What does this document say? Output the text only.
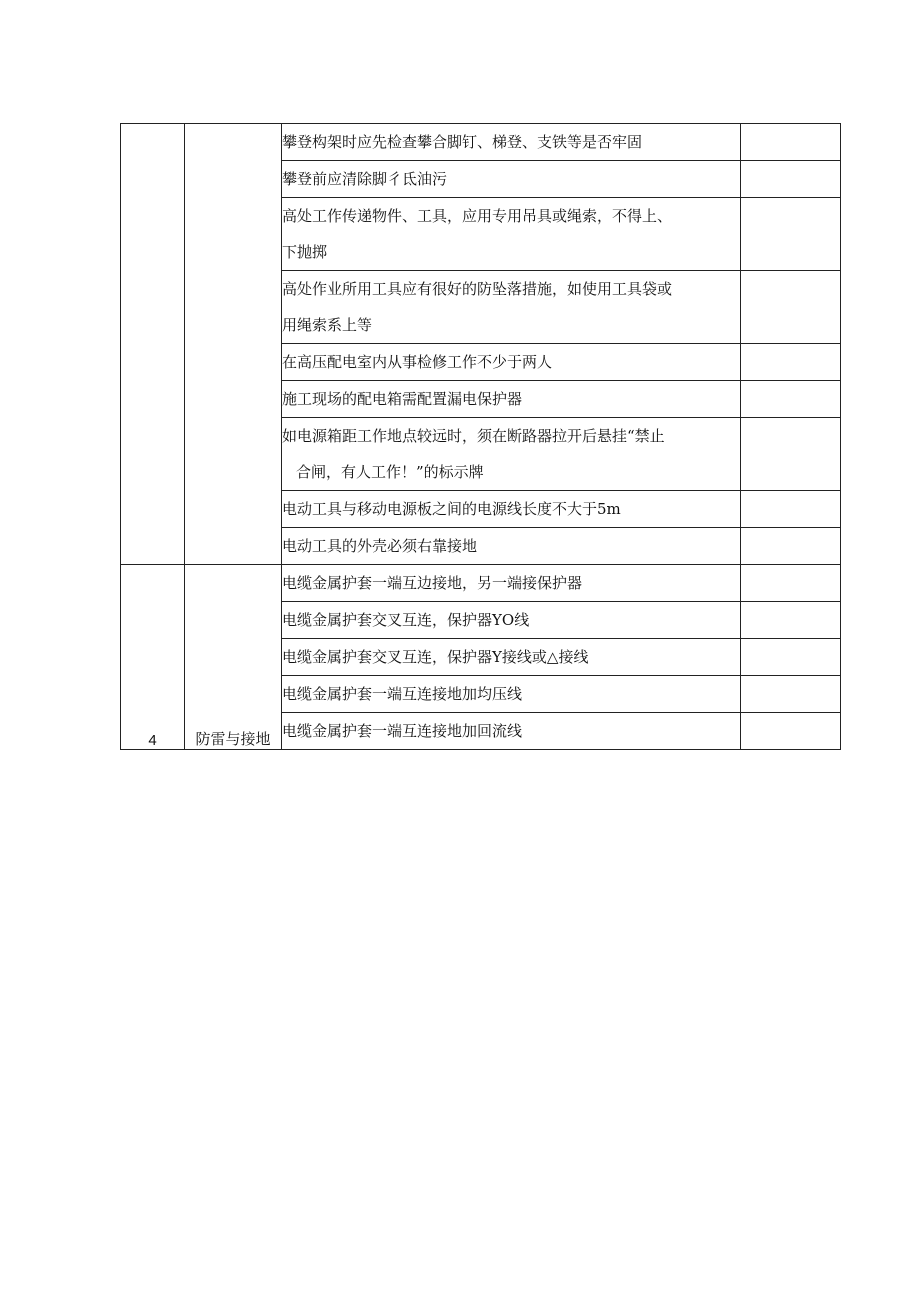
		攀登构架时应先检查攀合脚钉、梯登、支铁等是否牢固	

		攀登前应清除脚彳氐油污	

		高处工作传递物件、工具，应用专用吊具或绳索，不得上、
下抛掷	

		高处作业所用工具应有很好的防坠落措施，如使用工具袋或
用绳索系上等	

		在高压配电室内从事检修工作不少于两人	

		施工现场的配电箱需配置漏电保护器	

		如电源箱距工作地点较远时，须在断路器拉开后悬挂“禁止
合闸，有人工作！”的标示牌	

		电动工具与移动电源板之间的电源线长度不大于5m	

		电动工具的外壳必须右靠接地	

4	防雷与接地	电缆金属护套一端互边接地，另一端接保护器	

		电缆金属护套交叉互连，保护器YO线	

		电缆金属护套交叉互连，保护器Y接线或△接线	

		电缆金属护套一端互连接地加均压线	

		电缆金属护套一端互连接地加回流线	
